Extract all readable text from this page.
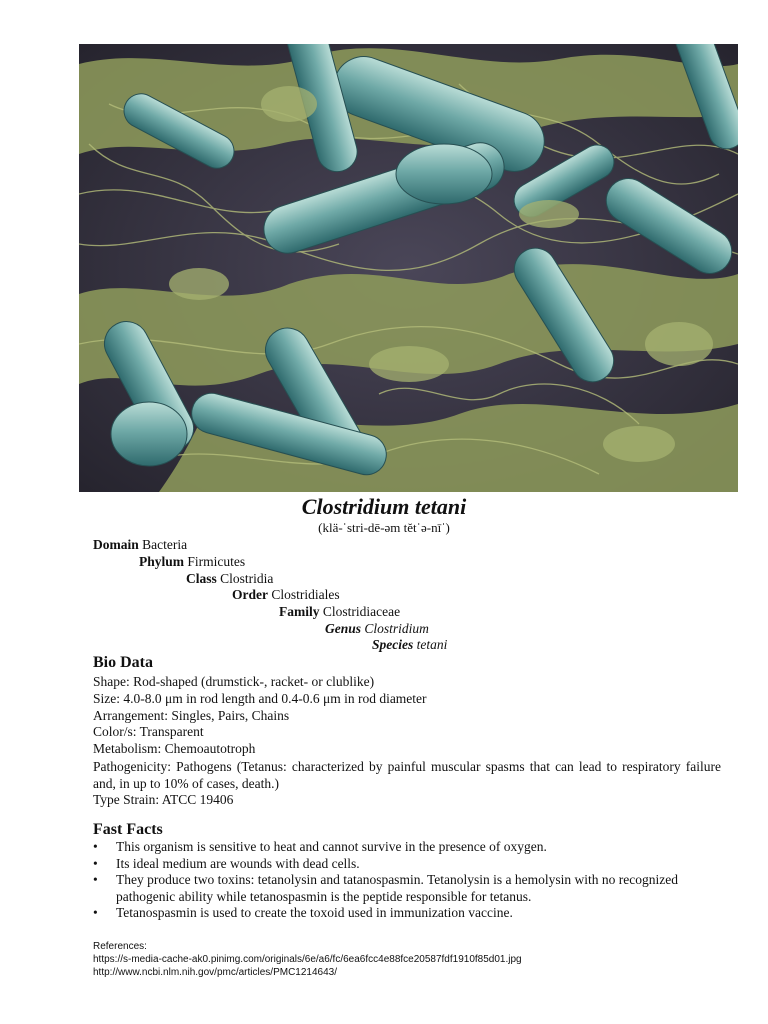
Clostridium tetani
(klä-ˈstri-dē-əm tĕtˈə-nīˈ)
Domain Bacteria
Phylum Firmicutes
Class Clostridia
Order Clostridiales
Family Clostridiaceae
Genus Clostridium
Species tetani
Bio Data
Shape: Rod-shaped (drumstick-, racket- or clublike)
Size: 4.0-8.0 μm in rod length and 0.4-0.6 μm in rod diameter
Arrangement: Singles, Pairs, Chains
Color/s: Transparent
Metabolism: Chemoautotroph
Pathogenicity: Pathogens (Tetanus: characterized by painful muscular spasms that can lead to respiratory failure and, in up to 10% of cases, death.)
Type Strain: ATCC 19406
Fast Facts
• This organism is sensitive to heat and cannot survive in the presence of oxygen.
• Its ideal medium are wounds with dead cells.
• They produce two toxins: tetanolysin and tatanospasmin. Tetanolysin is a hemolysin with no recognized pathogenic ability while tetanospasmin is the peptide responsible for tetanus.
• Tetanospasmin is used to create the toxoid used in immunization vaccine.
References:
https://s-media-cache-ak0.pinimg.com/originals/6e/a6/fc/6ea6fcc4e88fce20587fdf1910f85d01.jpg
http://www.ncbi.nlm.nih.gov/pmc/articles/PMC1214643/
